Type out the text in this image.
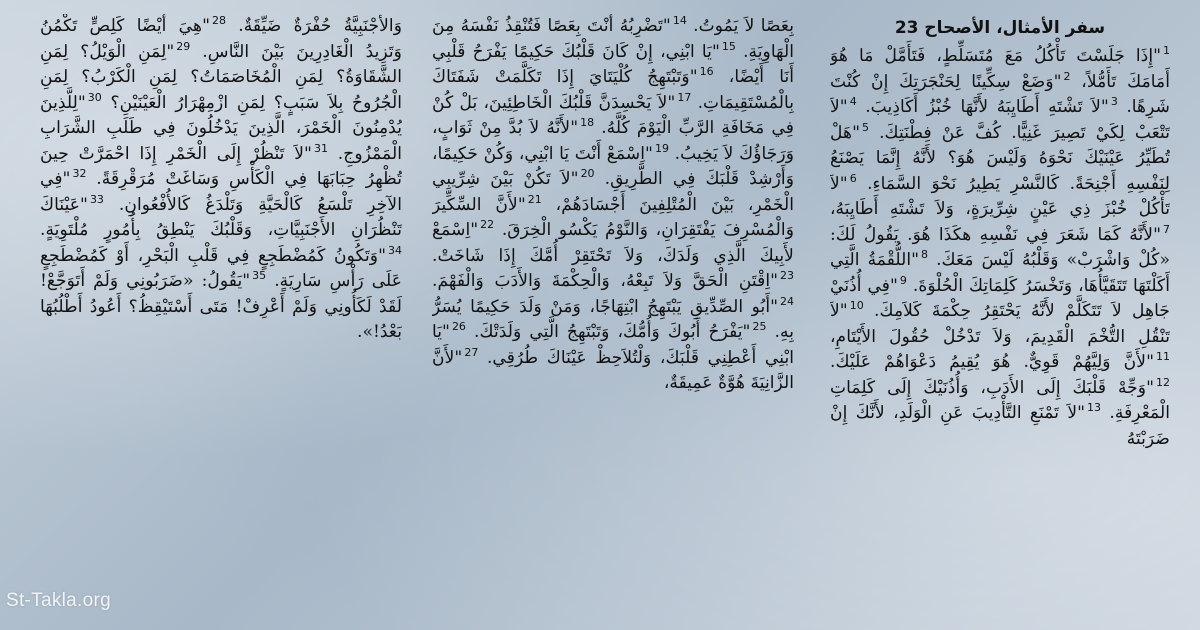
سفر الأمثال، الأصحاح 23
$^1$"إِذَا جَلَسْتَ تَأْكُلُ مَعَ مُتَسَلِّطٍ، فَتَأَمَّلْ مَا هُوَ أَمَامَكَ تَأَمُّلاً، $^2$"وَضَعْ سِكِّينًا لِحَنْجَرَتِكَ إِنْ كُنْتَ شَرِهًا. $^3$"لاَ تَشْتَهِ أَطَايِبَهُ لأَنَّهَا خُبْزُ أَكَاذِيبَ. $^4$"لاَ تَتْعَبْ لِكَيْ تَصِيرَ غَنِيًّا. كُفَّ عَنْ فِطْنَتِكَ. $^5$"هَلْ تُطَيِّرُ عَيْنَيْكَ نَحْوَهُ وَلَيْسَ هُوَ؟ لأَنَّهُ إِنَّمَا يَصْنَعُ لِنَفْسِهِ أَجْنِحَةً. كَالنَّسْرِ يَطِيرُ نَحْوَ السَّمَاءِ. $^6$"لاَ تَأْكُلْ خُبْزَ ذِي عَيْنٍ شِرِّيرَةٍ، وَلاَ تَشْتَهِ أَطَايِبَهُ، $^7$"لأَنَّهُ كَمَا شَعَرَ فِي نَفْسِهِ هكَذَا هُوَ. يَقُولُ لَكَ: «كُلْ وَاشْرَبْ» وَقَلْبُهُ لَيْسَ مَعَكَ. $^8$"اللُّقْمَةُ الَّتِي أَكَلْتَهَا تَتَقَيَّأُهَا، وَتَخْسَرُ كَلِمَاتِكَ الْحُلْوَةَ. $^9$"فِي أُذُنَيْ جَاهِل لاَ تَتَكَلَّمْ لأَنَّهُ يَحْتَقِرُ حِكْمَةَ كَلاَمِكَ. $^{10}$"لاَ تَنْقُلِ التُّخْمَ الْقَدِيمَ، وَلاَ تَدْخُلْ حُقُولَ الأَيْتَامِ، $^{11}$"لأَنَّ وَلِيَّهُمْ قَوِيٌّ. هُوَ يُقِيمُ دَعْوَاهُمْ عَلَيْكَ. $^{12}$"وَجِّهْ قَلْبَكَ إِلَى الأَدَبِ، وَأُذُنَيْكَ إِلَى كَلِمَاتِ الْمَعْرِفَةِ. $^{13}$"لاَ تَمْنَعِ التَّأْدِيبَ عَنِ الْوَلَدِ، لأَنَّكَ إِنْ ضَرَبْتَهُ
بِعَصًا لاَ يَمُوتُ. $^{14}$"تَضْرِبُهُ أَنْتَ بِعَصًا فَتُنْقِذُ نَفْسَهُ مِنَ الْهَاوِيَةِ. $^{15}$"يَا ابْنِي، إِنْ كَانَ قَلْبُكَ حَكِيمًا يَفْرَحُ قَلْبِي أَنَا أَيْضًا، $^{16}$"وَتَبْتَهِجُ كُلْيَتَايَ إِذَا تَكَلَّمَتْ شَفَتَاكَ بِالْمُسْتَقِيمَاتِ. $^{17}$"لاَ يَحْسِدَنَّ قَلْبُكَ الْخَاطِئِينَ، بَلْ كُنْ فِي مَخَافَةِ الرَّبِّ الْيَوْمَ كُلَّهُ. $^{18}$"لأَنَّهُ لاَ بُدَّ مِنْ ثَوَابٍ، وَرَجَاؤُكَ لاَ يَخِيبُ. $^{19}$"اِسْمَعْ أَنْتَ يَا ابْنِي، وَكُنْ حَكِيمًا، وَأَرْشِدْ قَلْبَكَ فِي الطَّرِيقِ. $^{20}$"لاَ تَكُنْ بَيْنَ شِرِّيبِي الْخَمْرِ، بَيْنَ الْمُتْلِفِينَ أَجْسَادَهُمْ، $^{21}$"لأَنَّ السِّكِّيرَ وَالْمُسْرِفَ يَفْتَقِرَانِ، وَالنَّوْمُ يَكْسُو الْخِرَقَ. $^{22}$"اِسْمَعْ لأَبِيكَ الَّذِي وَلَدَكَ، وَلاَ تَحْتَقِرْ أُمَّكَ إِذَا شَاخَتْ. $^{23}$"اِقْتَنِ الْحَقَّ وَلاَ تَبِعْهُ، وَالْحِكْمَةَ وَالأَدَبَ وَالْفَهْمَ. $^{24}$"أَبُو الصِّدِّيقِ يَبْتَهِجُ ابْتِهَاجًا، وَمَنْ وَلَدَ حَكِيمًا يُسَرُّ بِهِ. $^{25}$"يَفْرَحُ أَبُوكَ وَأُمُّكَ، وَتَبْتَهِجُ الَّتِي وَلَدَتْكَ. $^{26}$"يَا ابْنِي أَعْطِنِي قَلْبَكَ، وَلْتُلاَحِظْ عَيْنَاكَ طُرُقِي. $^{27}$"لأَنَّ الزَّانِيَةَ هُوَّةٌ عَمِيقَةٌ،
وَالأَجْنَبِيَّةُ حُفْرَةٌ ضَيِّقَةٌ. $^{28}$"هِيَ أَيْضًا كَلِصٍّ تَكْمُنُ وَتَزِيدُ الْغَادِرِينَ بَيْنَ النَّاسِ. $^{29}$"لِمَنِ الْوَيْلُ؟ لِمَنِ الشَّقَاوَةُ؟ لِمَنِ الْمُخَاصَمَاتُ؟ لِمَنِ الْكَرْبُ؟ لِمَنِ الْجُرُوحُ بِلاَ سَبَبٍ؟ لِمَنِ ازْمِهْرَارُ الْعَيْنَيْنِ؟ $^{30}$"لِلَّذِينَ يُدْمِنُونَ الْخَمْرَ، الَّذِينَ يَدْخُلُونَ فِي طَلَبِ الشَّرَابِ الْمَمْزُوجِ. $^{31}$"لاَ تَنْظُرْ إِلَى الْخَمْرِ إِذَا احْمَرَّتْ حِينَ تُظْهِرُ حِبَابَهَا فِي الْكَأْسِ وَسَاغَتْ مُرَقْرِقَةً. $^{32}$"فِي الآخِرِ تَلْسَعُ كَالْحَيَّةِ وَتَلْدَغُ كَالأُفْعُوانِ. $^{33}$"عَيْنَاكَ تَنْظُرَانِ الأَجْنَبِيَّاتِ، وَقَلْبُكَ يَنْطِقُ بِأُمُورٍ مُلْتَوِيَةٍ. $^{34}$"وَتَكُونُ كَمُضْطَجِعٍ فِي قَلْبِ الْبَحْرِ، أَوْ كَمُضْطَجِعٍ عَلَى رَأْسِ سَارِيَةٍ. $^{35}$"يَقُولُ: «ضَرَبُونِي وَلَمْ أَتَوَجَّعْ! لَقَدْ لَكَأُونِي وَلَمْ أَعْرِفْ! مَتَى أَسْتَيْقِظُ؟ أَعُودُ أَطْلُبُهَا بَعْدُ!».
St-Takla.org
